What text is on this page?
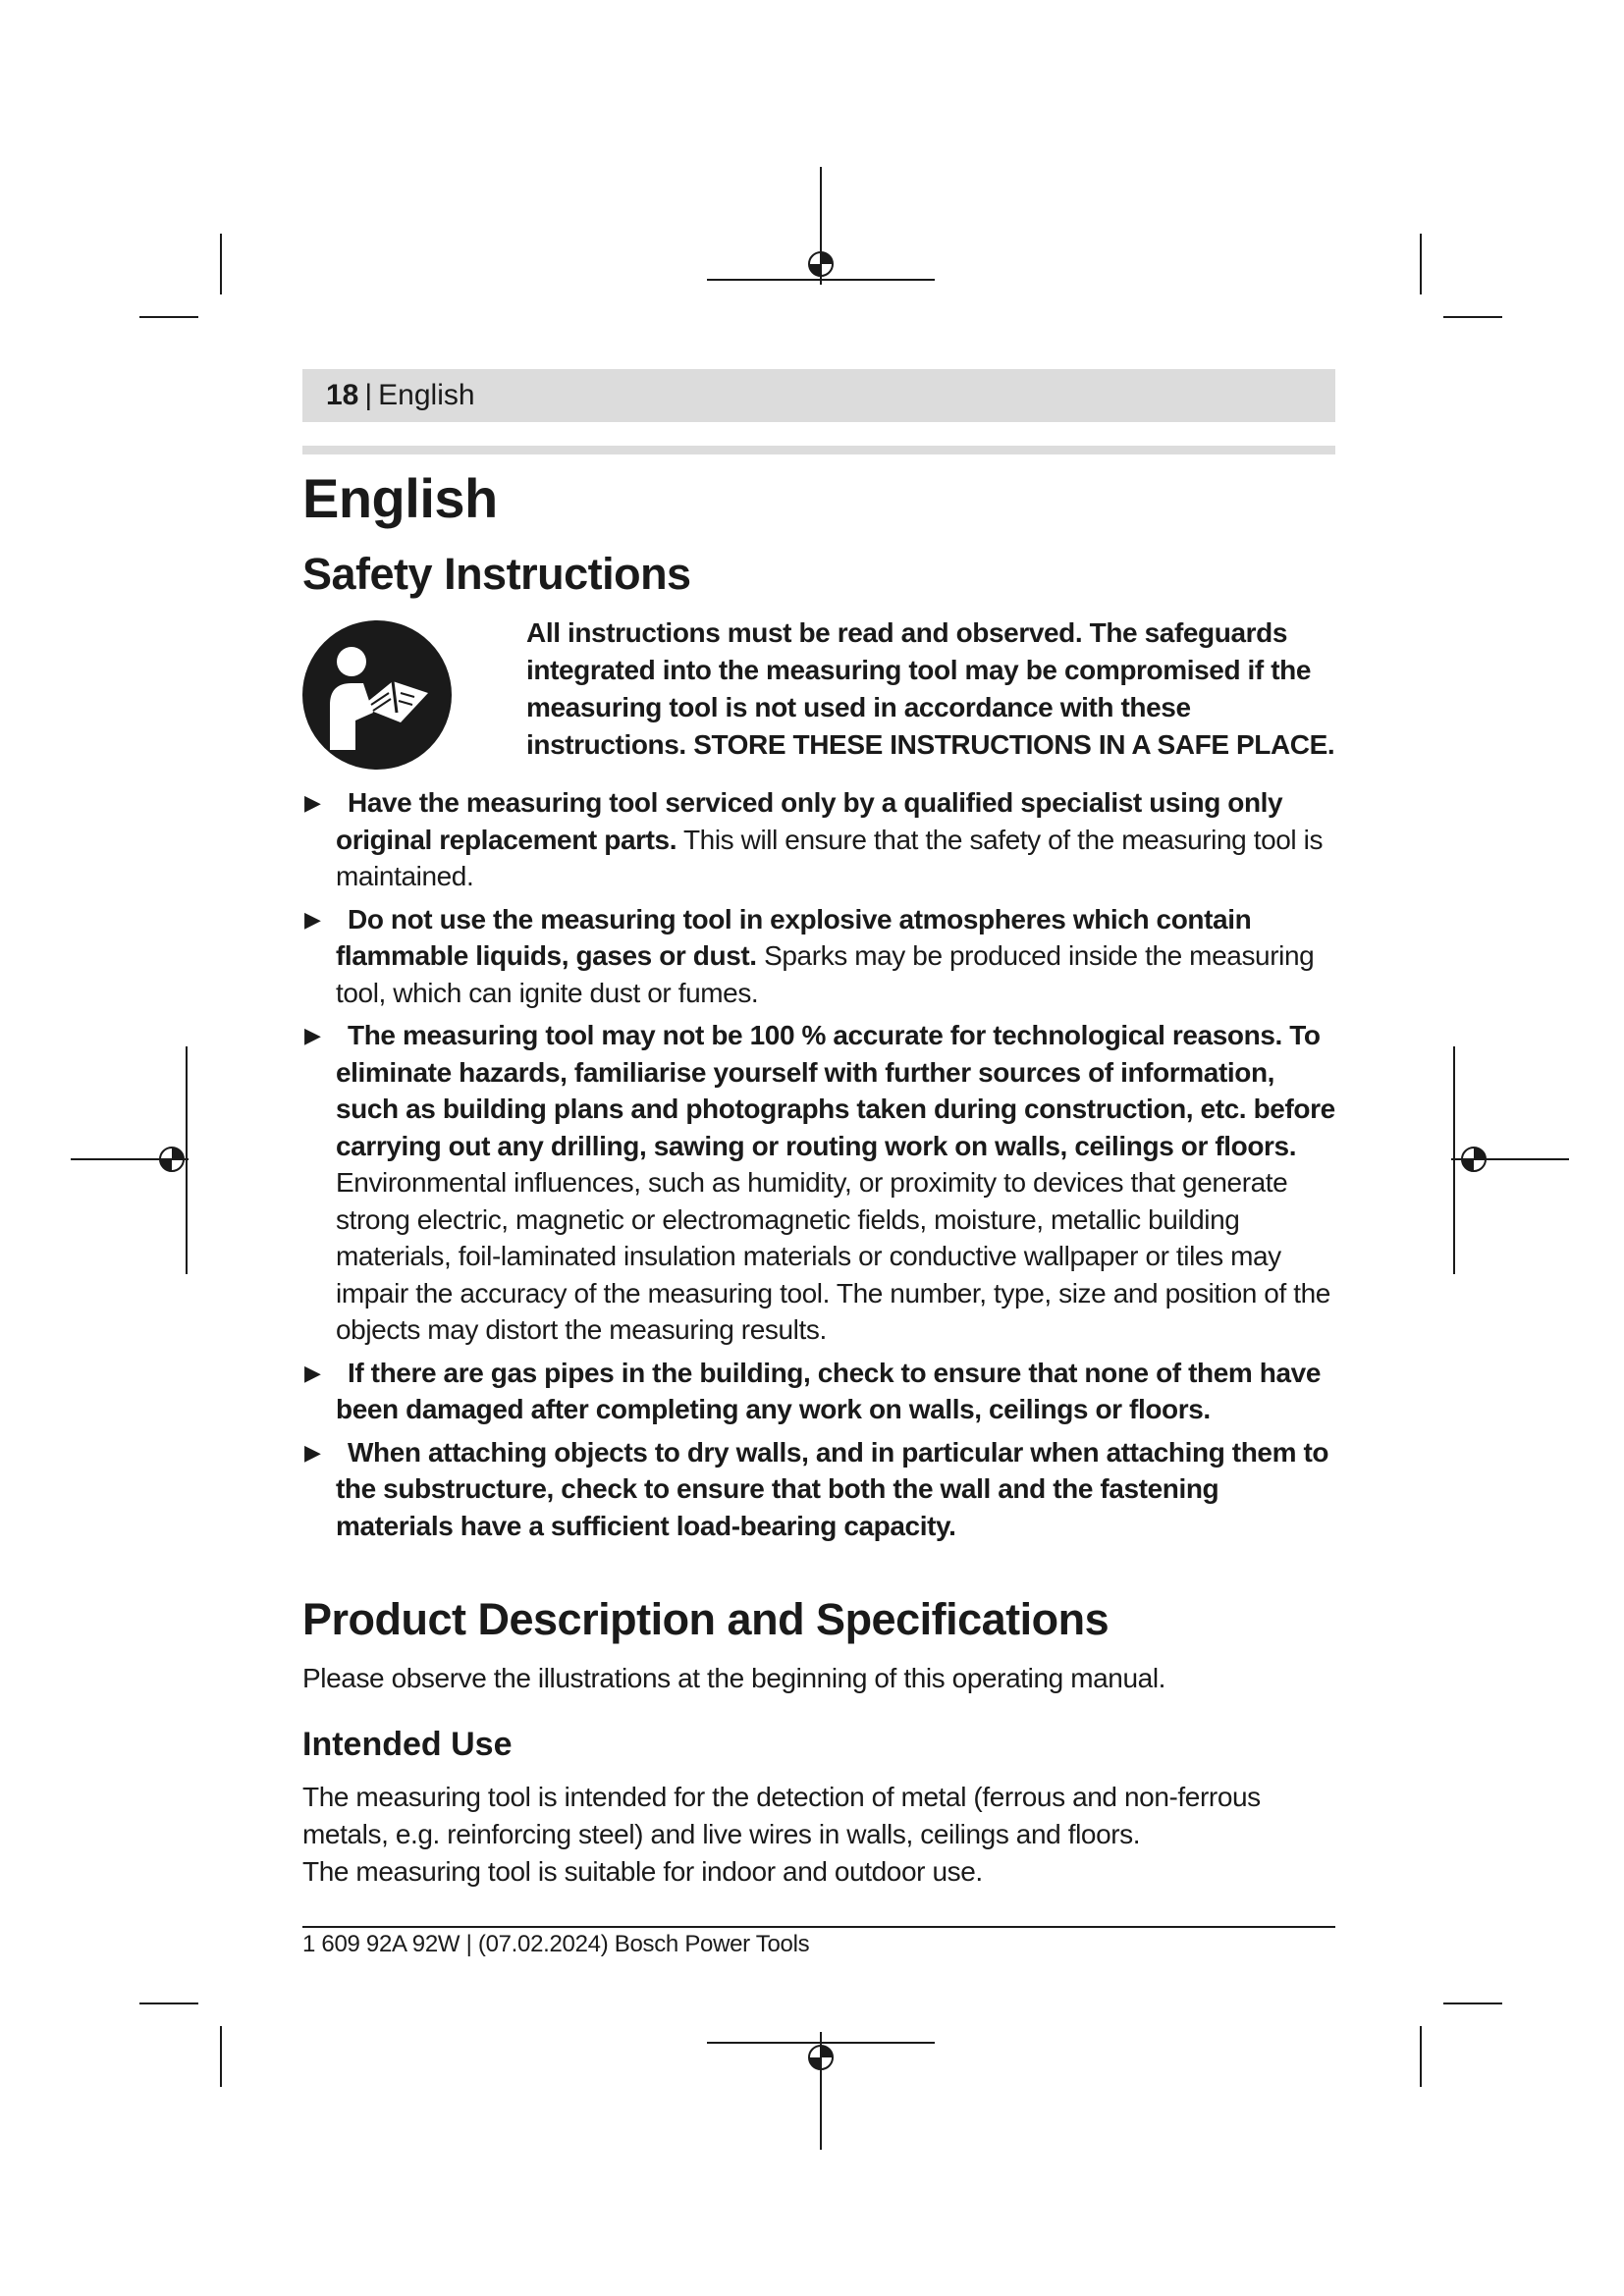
18 | English
English
Safety Instructions

All instructions must be read and observed. The safeguards integrated into the measuring tool may be compromised if the measuring tool is not used in accordance with these instructions. STORE THESE INSTRUCTIONS IN A SAFE PLACE.

▶ Have the measuring tool serviced only by a qualified specialist using only original replacement parts. This will ensure that the safety of the measuring tool is maintained.
▶ Do not use the measuring tool in explosive atmospheres which contain flammable liquids, gases or dust. Sparks may be produced inside the measuring tool, which can ignite dust or fumes.
▶ The measuring tool may not be 100 % accurate for technological reasons. To eliminate hazards, familiarise yourself with further sources of information, such as building plans and photographs taken during construction, etc. before carrying out any drilling, sawing or routing work on walls, ceilings or floors. Environmental influences, such as humidity, or proximity to devices that generate strong electric, magnetic or electromagnetic fields, moisture, metallic building materials, foil-laminated insulation materials or conductive wallpaper or tiles may impair the accuracy of the measuring tool. The number, type, size and position of the objects may distort the measuring results.
▶ If there are gas pipes in the building, check to ensure that none of them have been damaged after completing any work on walls, ceilings or floors.
▶ When attaching objects to dry walls, and in particular when attaching them to the substructure, check to ensure that both the wall and the fastening materials have a sufficient load-bearing capacity.
Product Description and Specifications

Please observe the illustrations at the beginning of this operating manual.

Intended Use

The measuring tool is intended for the detection of metal (ferrous and non-ferrous metals, e.g. reinforcing steel) and live wires in walls, ceilings and floors.

The measuring tool is suitable for indoor and outdoor use.

1 609 92A 92W | (07.02.2024) Bosch Power Tools
